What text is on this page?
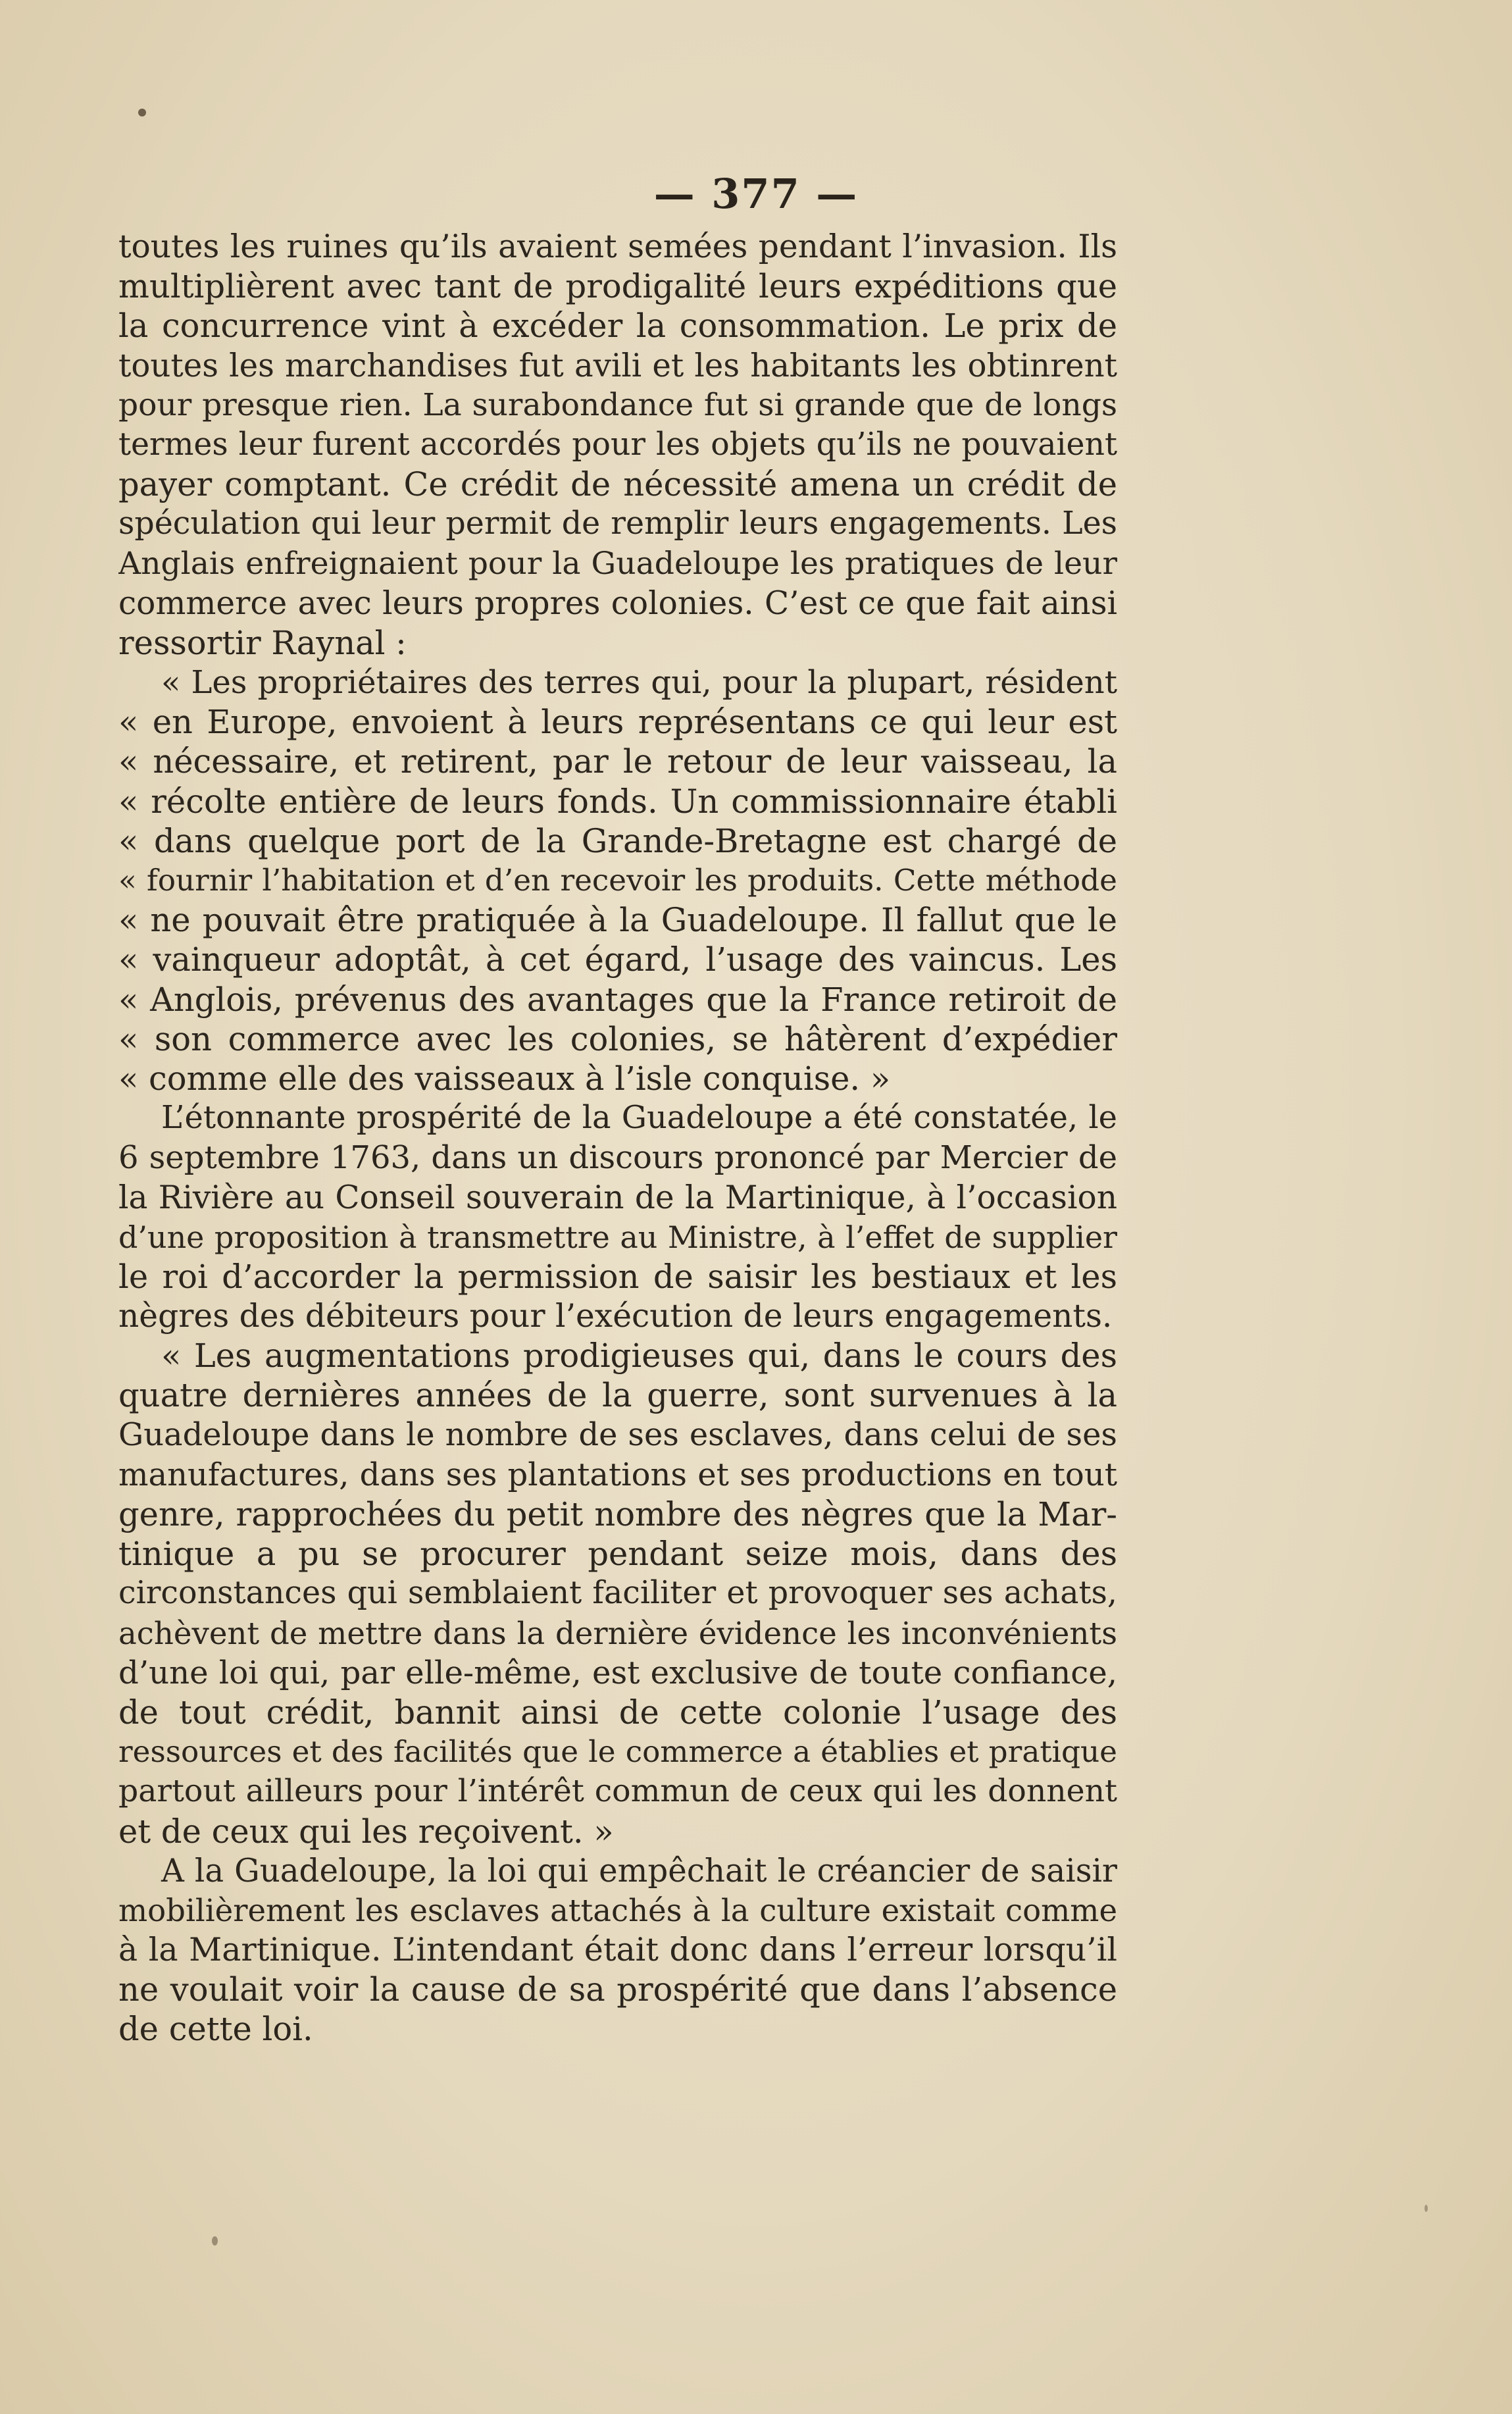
— 377 —
toutes les ruines qu’ils avaient semées pendant l’invasion. Ils
multiplièrent avec tant de prodigalité leurs expéditions que
la concurrence vint à excéder la consommation. Le prix de
toutes les marchandises fut avili et les habitants les obtinrent
pour presque rien. La surabondance fut si grande que de longs
termes leur furent accordés pour les objets qu’ils ne pouvaient
payer comptant. Ce crédit de nécessité amena un crédit de
spéculation qui leur permit de remplir leurs engagements. Les
Anglais enfreignaient pour la Guadeloupe les pratiques de leur
commerce avec leurs propres colonies. C’est ce que fait ainsi
ressortir Raynal :
« Les propriétaires des terres qui, pour la plupart, résident
« en Europe, envoient à leurs représentans ce qui leur est
« nécessaire, et retirent, par le retour de leur vaisseau, la
« récolte entière de leurs fonds. Un commissionnaire établi
« dans quelque port de la Grande-Bretagne est chargé de
« fournir l’habitation et d’en recevoir les produits. Cette méthode
« ne pouvait être pratiquée à la Guadeloupe. Il fallut que le
« vainqueur adoptât, à cet égard, l’usage des vaincus. Les
« Anglois, prévenus des avantages que la France retiroit de
« son commerce avec les colonies, se hâtèrent d’expédier
« comme elle des vaisseaux à l’isle conquise. »
L’étonnante prospérité de la Guadeloupe a été constatée, le
6 septembre 1763, dans un discours prononcé par Mercier de
la Rivière au Conseil souverain de la Martinique, à l’occasion
d’une proposition à transmettre au Ministre, à l’effet de supplier
le roi d’accorder la permission de saisir les bestiaux et les
nègres des débiteurs pour l’exécution de leurs engagements.
« Les augmentations prodigieuses qui, dans le cours des
quatre dernières années de la guerre, sont survenues à la
Guadeloupe dans le nombre de ses esclaves, dans celui de ses
manufactures, dans ses plantations et ses productions en tout
genre, rapprochées du petit nombre des nègres que la Mar-
tinique a pu se procurer pendant seize mois, dans des
circonstances qui semblaient faciliter et provoquer ses achats,
achèvent de mettre dans la dernière évidence les inconvénients
d’une loi qui, par elle-même, est exclusive de toute confiance,
de tout crédit, bannit ainsi de cette colonie l’usage des
ressources et des facilités que le commerce a établies et pratique
partout ailleurs pour l’intérêt commun de ceux qui les donnent
et de ceux qui les reçoivent. »
A la Guadeloupe, la loi qui empêchait le créancier de saisir
mobilièrement les esclaves attachés à la culture existait comme
à la Martinique. L’intendant était donc dans l’erreur lorsqu’il
ne voulait voir la cause de sa prospérité que dans l’absence
de cette loi.
